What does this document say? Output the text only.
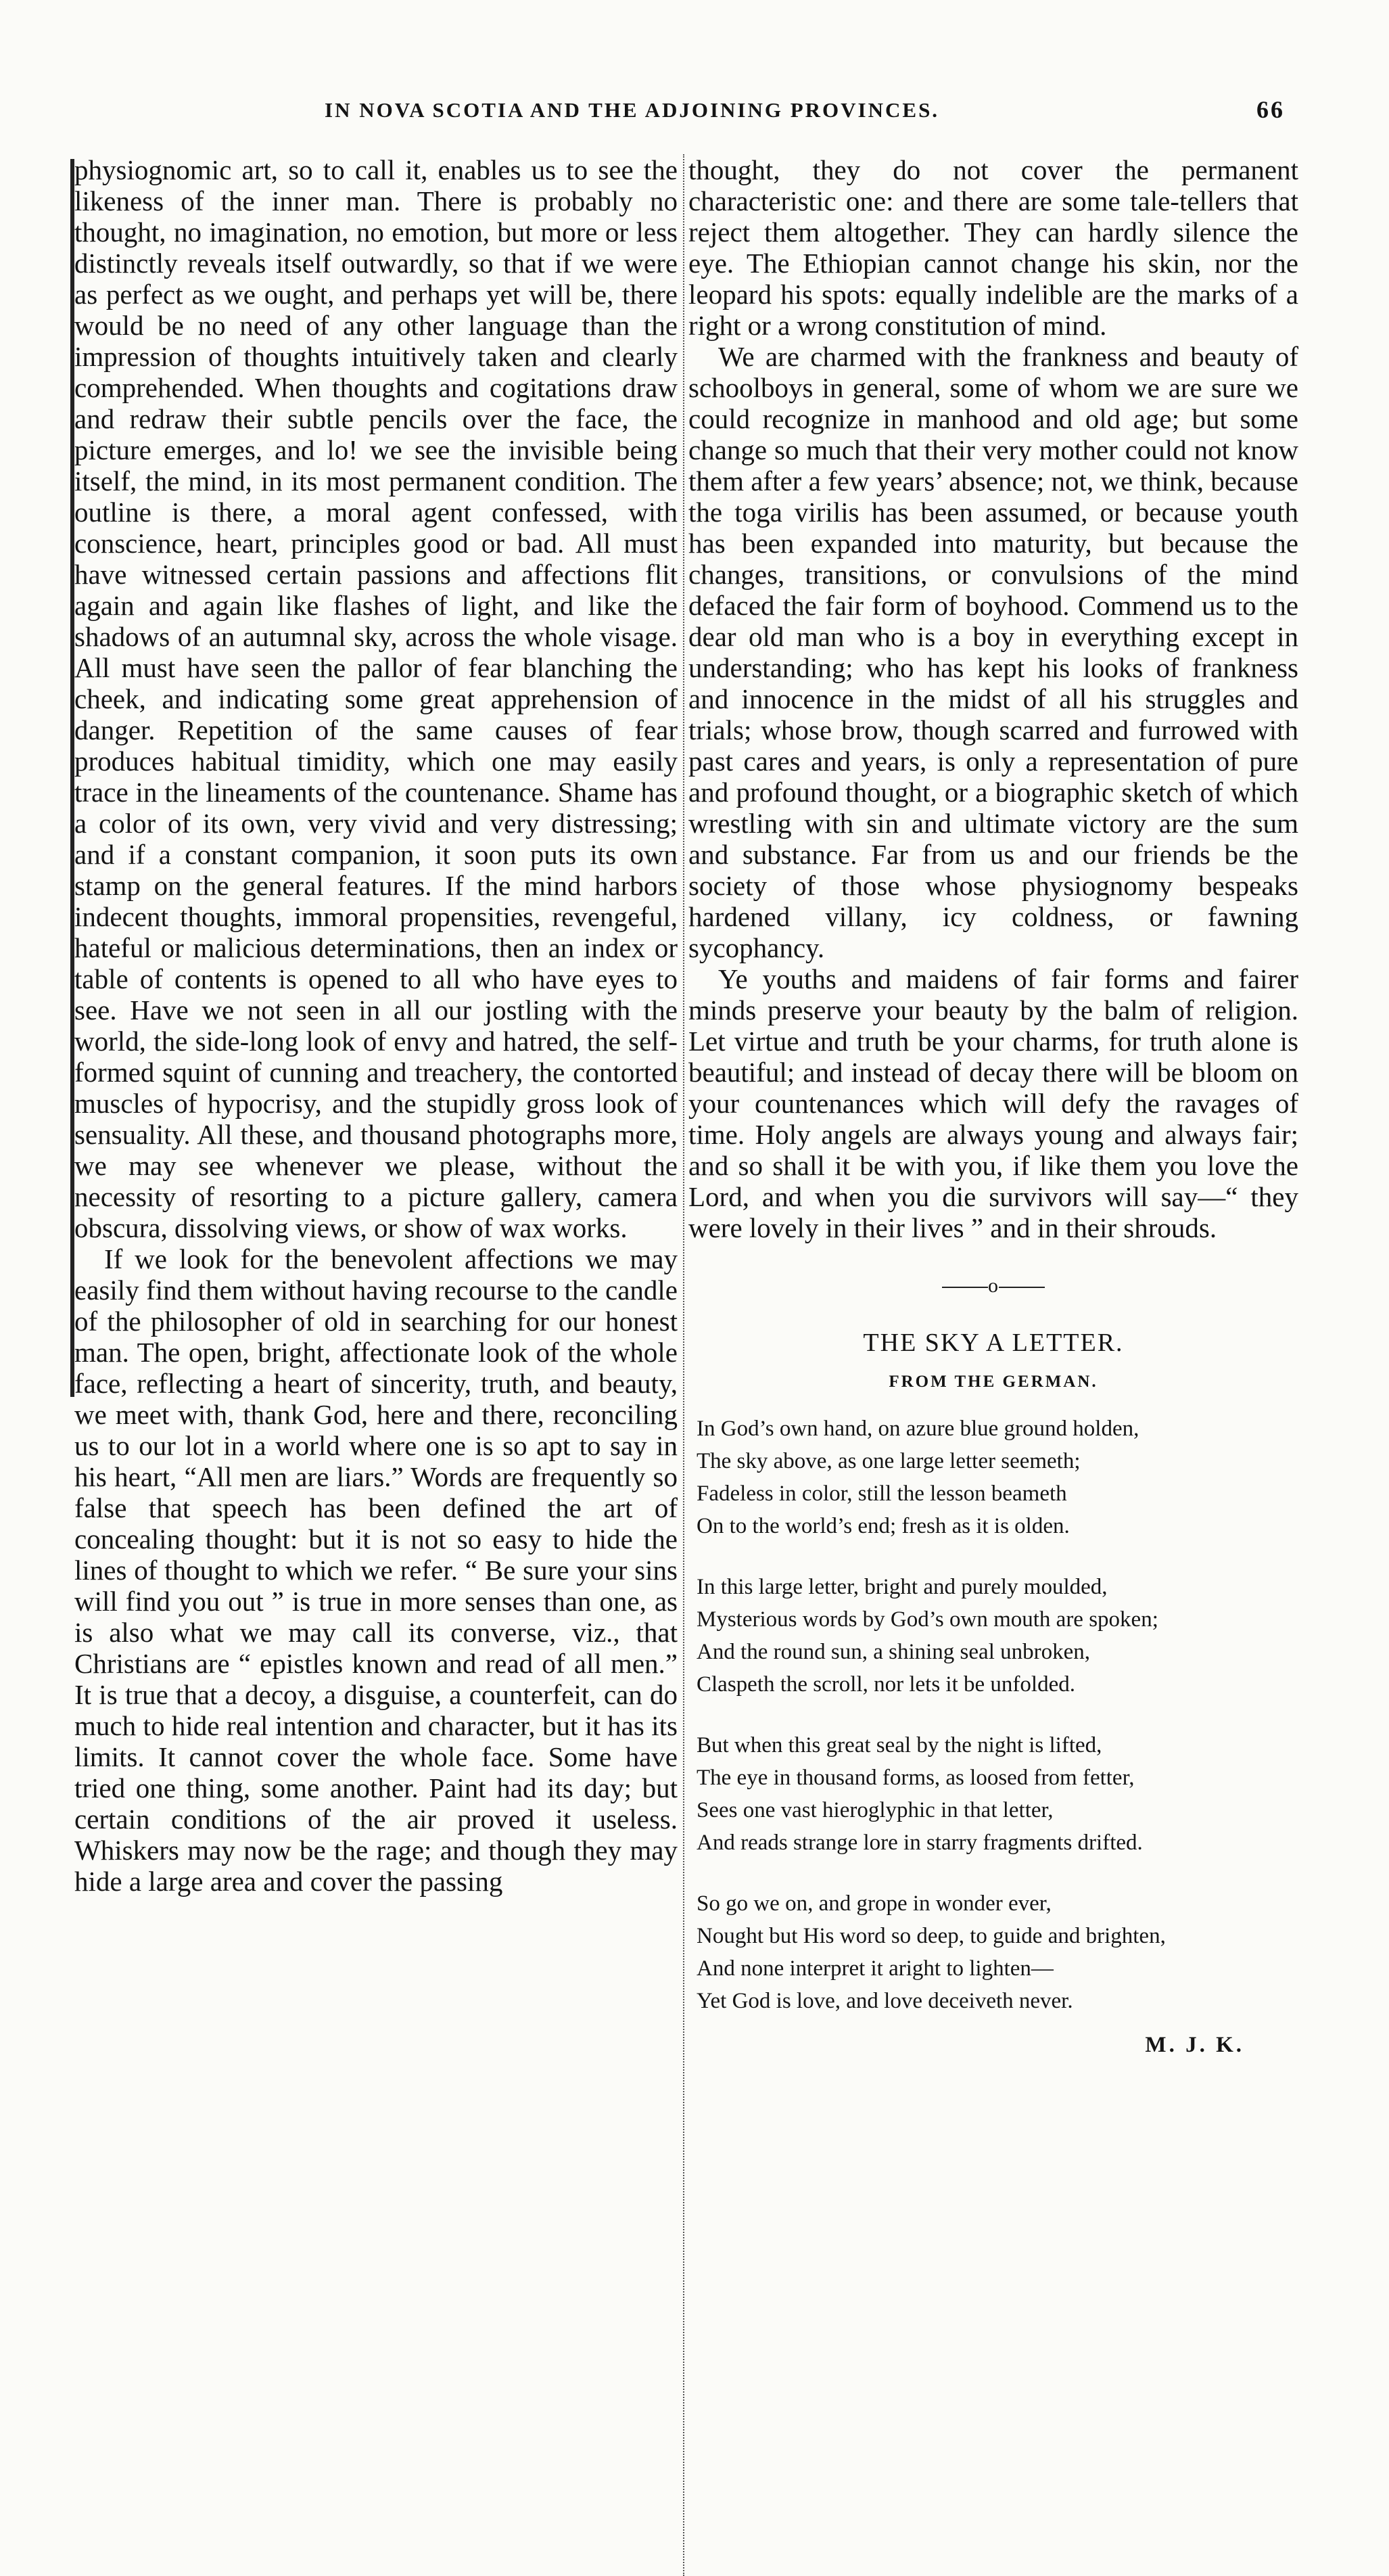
IN NOVA SCOTIA AND THE ADJOINING PROVINCES.	66

physiognomic art, so to call it, enables us to see the likeness of the inner man. There is probably no thought, no imagination, no emotion, but more or less distinctly reveals itself outwardly, so that if we were as perfect as we ought, and perhaps yet will be, there would be no need of any other language than the impression of thoughts intuitively taken and clearly comprehended. When thoughts and cogitations draw and redraw their subtle pencils over the face, the picture emerges, and lo! we see the invisible being itself, the mind, in its most permanent condition. The outline is there, a moral agent confessed, with conscience, heart, principles good or bad. All must have witnessed certain passions and affections flit again and again like flashes of light, and like the shadows of an autumnal sky, across the whole visage. All must have seen the pallor of fear blanching the cheek, and indicating some great apprehension of danger. Repetition of the same causes of fear produces habitual timidity, which one may easily trace in the lineaments of the countenance. Shame has a color of its own, very vivid and very distressing; and if a constant companion, it soon puts its own stamp on the general features. If the mind harbors indecent thoughts, immoral propensities, revengeful, hateful or malicious determinations, then an index or table of contents is opened to all who have eyes to see. Have we not seen in all our jostling with the world, the side-long look of envy and hatred, the self-formed squint of cunning and treachery, the contorted muscles of hypocrisy, and the stupidly gross look of sensuality. All these, and thousand photographs more, we may see whenever we please, without the necessity of resorting to a picture gallery, camera obscura, dissolving views, or show of wax works.

If we look for the benevolent affections we may easily find them without having recourse to the candle of the philosopher of old in searching for our honest man. The open, bright, affectionate look of the whole face, reflecting a heart of sincerity, truth, and beauty, we meet with, thank God, here and there, reconciling us to our lot in a world where one is so apt to say in his heart, “All men are liars.” Words are frequently so false that speech has been defined the art of concealing thought: but it is not so easy to hide the lines of thought to which we refer. “ Be sure your sins will find you out ” is true in more senses than one, as is also what we may call its converse, viz., that Christians are “ epistles known and read of all men.” It is true that a decoy, a disguise, a counterfeit, can do much to hide real intention and character, but it has its limits. It cannot cover the whole face. Some have tried one thing, some another. Paint had its day; but certain conditions of the air proved it useless. Whiskers may now be the rage; and though they may hide a large area and cover the passing

thought, they do not cover the permanent characteristic one: and there are some tale-tellers that reject them altogether. They can hardly silence the eye. The Ethiopian cannot change his skin, nor the leopard his spots: equally indelible are the marks of a right or a wrong constitution of mind.

We are charmed with the frankness and beauty of schoolboys in general, some of whom we are sure we could recognize in manhood and old age; but some change so much that their very mother could not know them after a few years’ absence; not, we think, because the toga virilis has been assumed, or because youth has been expanded into maturity, but because the changes, transitions, or convulsions of the mind defaced the fair form of boyhood. Commend us to the dear old man who is a boy in everything except in understanding; who has kept his looks of frankness and innocence in the midst of all his struggles and trials; whose brow, though scarred and furrowed with past cares and years, is only a representation of pure and profound thought, or a biographic sketch of which wrestling with sin and ultimate victory are the sum and substance. Far from us and our friends be the society of those whose physiognomy bespeaks hardened villany, icy coldness, or fawning sycophancy.

Ye youths and maidens of fair forms and fairer minds preserve your beauty by the balm of religion. Let virtue and truth be your charms, for truth alone is beautiful; and instead of decay there will be bloom on your countenances which will defy the ravages of time. Holy angels are always young and always fair; and so shall it be with you, if like them you love the Lord, and when you die survivors will say—“ they were lovely in their lives ” and in their shrouds.

o
THE SKY A LETTER.
FROM THE GERMAN.
In God’s own hand, on azure blue ground holden,
The sky above, as one large letter seemeth;
Fadeless in color, still the lesson beameth
On to the world’s end; fresh as it is olden.
In this large letter, bright and purely moulded,
Mysterious words by God’s own mouth are spoken;
And the round sun, a shining seal unbroken,
Claspeth the scroll, nor lets it be unfolded.
But when this great seal by the night is lifted,
The eye in thousand forms, as loosed from fetter,
Sees one vast hieroglyphic in that letter,
And reads strange lore in starry fragments drifted.
So go we on, and grope in wonder ever,
Nought but His word so deep, to guide and brighten,
And none interpret it aright to lighten—
Yet God is love, and love deceiveth never.
M. J. K.
